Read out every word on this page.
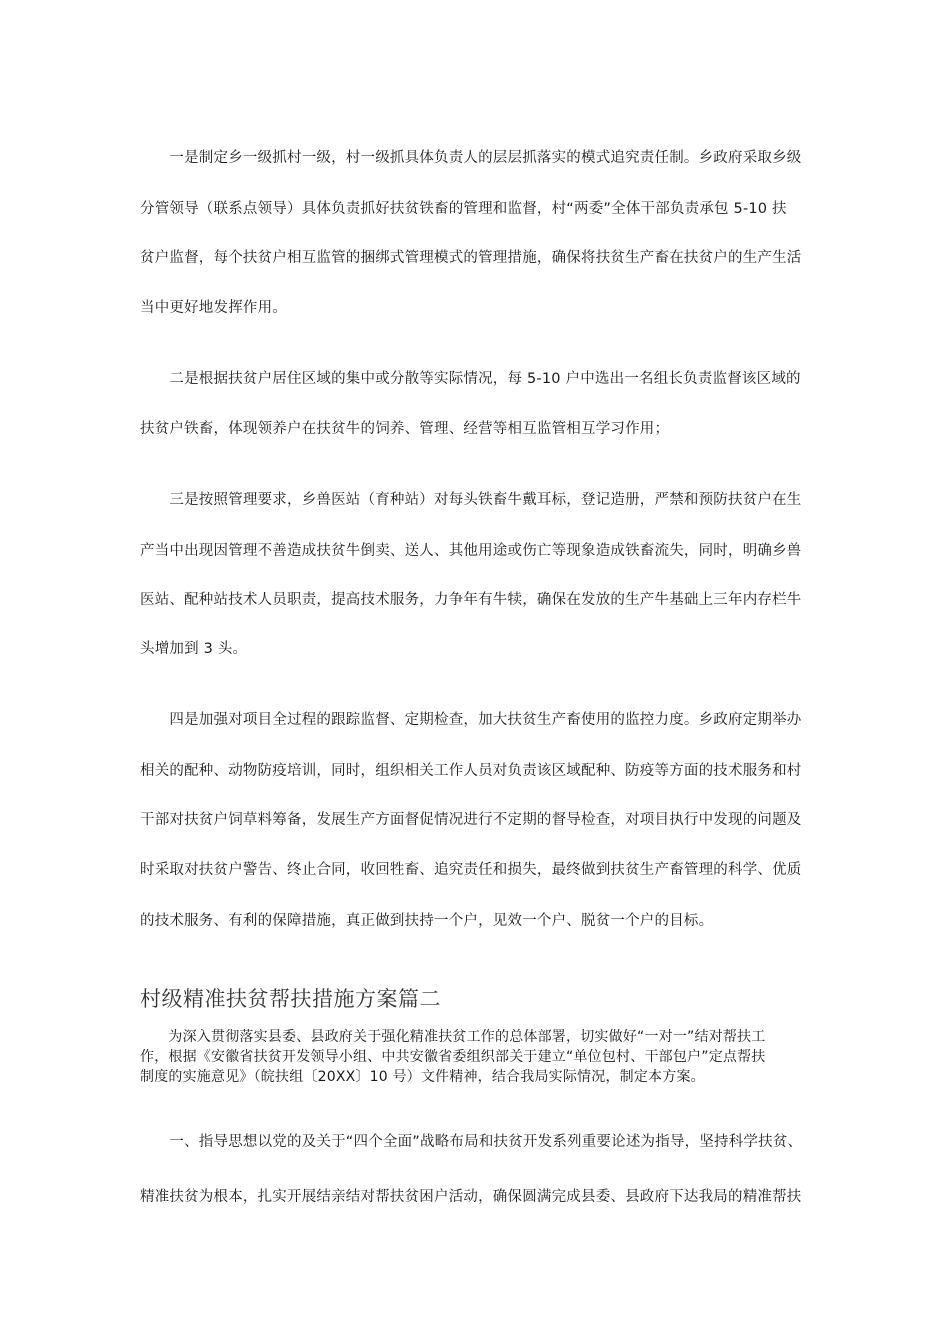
　　一是制定乡一级抓村一级，村一级抓具体负责人的层层抓落实的模式追究责任制。乡政府采取乡级
分管领导（联系点领导）具体负责抓好扶贫铁畜的管理和监督，村“两委”全体干部负责承包 5-10 扶
贫户监督，每个扶贫户相互监管的捆绑式管理模式的管理措施，确保将扶贫生产畜在扶贫户的生产生活
当中更好地发挥作用。
　　二是根据扶贫户居住区域的集中或分散等实际情况，每 5-10 户中选出一名组长负责监督该区域的
扶贫户铁畜，体现领养户在扶贫牛的饲养、管理、经营等相互监管相互学习作用；
　　三是按照管理要求，乡兽医站（育种站）对每头铁畜牛戴耳标，登记造册，严禁和预防扶贫户在生
产当中出现因管理不善造成扶贫牛倒卖、送人、其他用途或伤亡等现象造成铁畜流失，同时，明确乡兽
医站、配种站技术人员职责，提高技术服务，力争年有牛犊，确保在发放的生产牛基础上三年内存栏牛
头增加到 3 头。
　　四是加强对项目全过程的跟踪监督、定期检查，加大扶贫生产畜使用的监控力度。乡政府定期举办
相关的配种、动物防疫培训，同时，组织相关工作人员对负责该区域配种、防疫等方面的技术服务和村
干部对扶贫户饲草料筹备，发展生产方面督促情况进行不定期的督导检查，对项目执行中发现的问题及
时采取对扶贫户警告、终止合同，收回牲畜、追究责任和损失，最终做到扶贫生产畜管理的科学、优质
的技术服务、有利的保障措施，真正做到扶持一个户，见效一个户、脱贫一个户的目标。
村级精准扶贫帮扶措施方案篇二
　　为深入贯彻落实县委、县政府关于强化精准扶贫工作的总体部署，切实做好“一对一”结对帮扶工
作，根据《安徽省扶贫开发领导小组、中共安徽省委组织部关于建立“单位包村、干部包户”定点帮扶
制度的实施意见》（皖扶组〔20XX〕10 号）文件精神，结合我局实际情况，制定本方案。
　　一、指导思想以党的及关于“四个全面”战略布局和扶贫开发系列重要论述为指导，坚持科学扶贫、
精准扶贫为根本，扎实开展结亲结对帮扶贫困户活动，确保圆满完成县委、县政府下达我局的精准帮扶
